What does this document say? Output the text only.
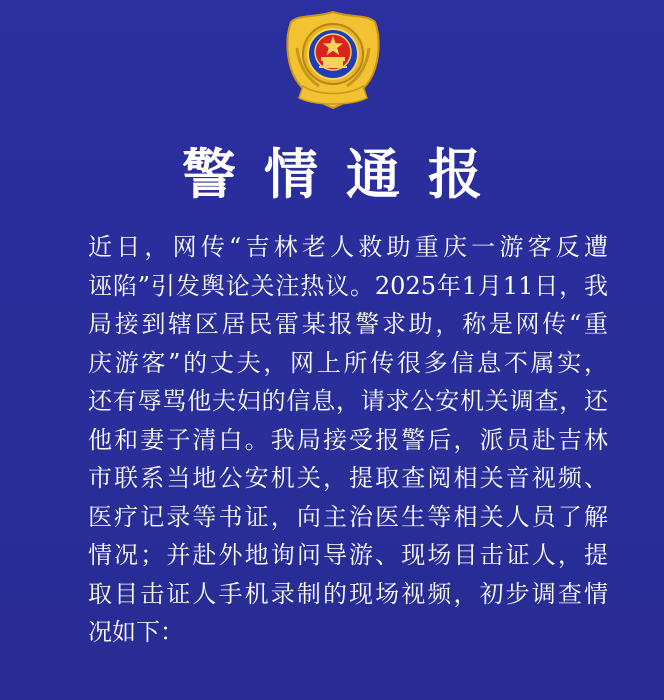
警情通报
近日，网传“吉林老人救助重庆一游客反遭
诬陷”引发舆论关注热议。2025年1月11日，我
局接到辖区居民雷某报警求助，称是网传“重
庆游客”的丈夫，网上所传很多信息不属实，
还有辱骂他夫妇的信息，请求公安机关调查，还
他和妻子清白。我局接受报警后，派员赴吉林
市联系当地公安机关，提取查阅相关音视频、
医疗记录等书证，向主治医生等相关人员了解
情况；并赴外地询问导游、现场目击证人，提
取目击证人手机录制的现场视频，初步调查情
况如下：
